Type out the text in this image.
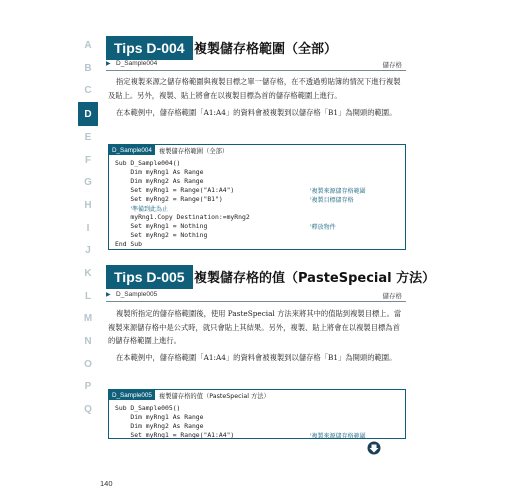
A
B
C
D
E
F
G
H
I
J
K
L
M
N
O
P
Q
Tips D-004 複製儲存格範圍（全部）
▶ D_Sample004	儲存格
指定複製來源之儲存格範圍與複製目標之單一儲存格，在不透過剪貼簿的情況下進行複製及貼上。另外，複製、貼上將會在以複製目標為首的儲存格範圍上進行。
在本範例中，儲存格範圍「A1:A4」的資料會被複製到以儲存格「B1」為開頭的範圍。
D_Sample004	複製儲存格範圍（全部）
Sub D_Sample004()
Dim myRng1 As Range
Dim myRng2 As Range
Set myRng1 = Range("A1:A4")	'複製來源儲存格範圍
Set myRng2 = Range("B1")	'複製目標儲存格
'準備到此為止
myRng1.Copy Destination:=myRng2
Set myRng1 = Nothing	'釋放物件
Set myRng2 = Nothing
End Sub
Tips D-005 複製儲存格的值（PasteSpecial 方法）
▶ D_Sample005	儲存格
複製所指定的儲存格範圍後，使用 PasteSpecial 方法來將其中的值貼到複製目標上。當複製來源儲存格中是公式時，就只會貼上其結果。另外，複製、貼上將會在以複製目標為首的儲存格範圍上進行。
在本範例中，儲存格範圍「A1:A4」的資料會被複製到以儲存格「B1」為開頭的範圍。
D_Sample005	複製儲存格的值（PasteSpecial 方法）
Sub D_Sample005()
Dim myRng1 As Range
Dim myRng2 As Range
Set myRng1 = Range("A1:A4")	'複製來源儲存格範圍
140
